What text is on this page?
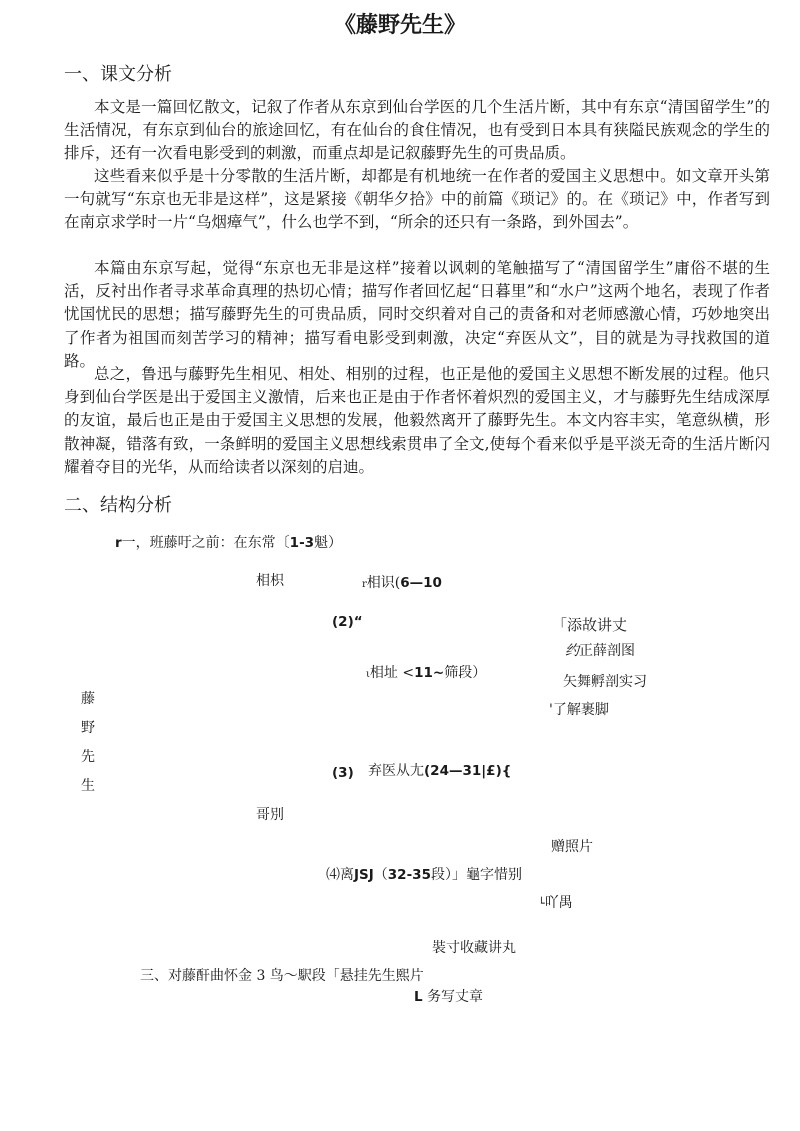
《藤野先生》
一、课文分析

本文是一篇回忆散文，记叙了作者从东京到仙台学医的几个生活片断，其中有东京“清国留学生”的生活情况，有东京到仙台的旅途回忆，有在仙台的食住情况，也有受到日本具有狭隘民族观念的学生的排斥，还有一次看电影受到的刺激，而重点却是记叙藤野先生的可贵品质。

这些看来似乎是十分零散的生活片断，却都是有机地统一在作者的爱国主义思想中。如文章开头第一句就写“东京也无非是这样”，这是紧接《朝华夕拾》中的前篇《琐记》的。在《琐记》中，作者写到在南京求学时一片“乌烟瘴气”，什么也学不到，“所余的还只有一条路，到外国去”。

本篇由东京写起，觉得“东京也无非是这样”接着以讽刺的笔触描写了“清国留学生”庸俗不堪的生活，反衬出作者寻求革命真理的热切心情；描写作者回忆起“日暮里”和“水户”这两个地名，表现了作者忧国忧民的思想；描写藤野先生的可贵品质，同时交织着对自己的责备和对老师感激心情，巧妙地突出了作者为祖国而刻苦学习的精神；描写看电影受到刺激，决定“弃医从文”，目的就是为寻找救国的道路。

总之，鲁迅与藤野先生相见、相处、相别的过程，也正是他的爱国主义思想不断发展的过程。他只身到仙台学医是出于爱国主义激情，后来也正是由于作者怀着炽烈的爱国主义，才与藤野先生结成深厚的友谊，最后也正是由于爱国主义思想的发展，他毅然离开了藤野先生。本文内容丰实，笔意纵横，形散神凝，错落有致，一条鲜明的爱国主义思想线索贯串了全文,使每个看来似乎是平淡无奇的生活片断闪耀着夺目的光华，从而给读者以深刻的启迪。

二、结构分析
r一，班藤吁之前：在东常〔1-3魁）
相枳	r相识(6—10
(2)“	「添故讲丈
约正薛剖图
ι相址 <11~筛段）
矢舞孵剖实习
'了解裹脚
藤
野
先
生
(3) 弃医从尢(24—31|£){
哥別
赠照片
⑷离JSJ（32-35段）」龜字惜别
└吖禺
裝寸收藏讲丸
三、对藤酐曲怀金 3 鸟〜駅段「悬挂先生熙片
L 务写丈章
